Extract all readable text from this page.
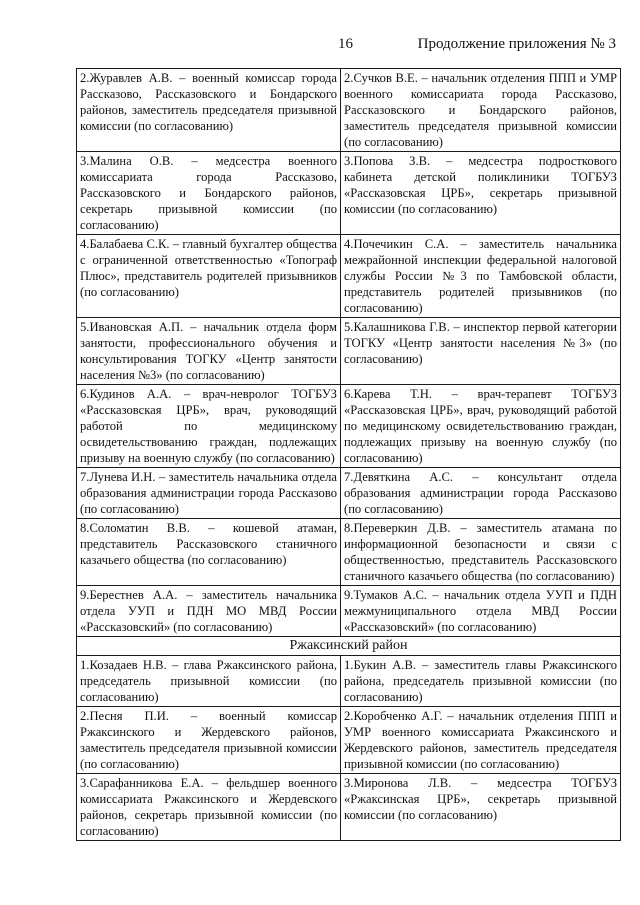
16	Продолжение приложения № 3
2.Журавлев А.В. – военный комиссар города Рассказово, Рассказовского и Бондарского районов, заместитель председателя призывной комиссии (по согласованию)	2.Сучков В.Е. – начальник отделения ППП и УМР военного комиссариата города Рассказово, Рассказовского и Бондарского районов, заместитель председателя призывной комиссии (по согласованию)
3.Малина О.В. – медсестра военного комиссариата города Рассказово, Рассказовского и Бондарского районов, секретарь призывной комиссии (по согласованию)	3.Попова З.В. – медсестра подросткового кабинета детской поликлиники ТОГБУЗ «Рассказовская ЦРБ», секретарь призывной комиссии (по согласованию)
4.Балабаева С.К. – главный бухгалтер общества с ограниченной ответственностью «Топограф Плюс», представитель родителей призывников (по согласованию)	4.Почечикин С.А. – заместитель начальника межрайонной инспекции федеральной налоговой службы России №3 по Тамбовской области, представитель родителей призывников (по согласованию)
5.Ивановская А.П. – начальник отдела форм занятости, профессионального обучения и консультирования ТОГКУ «Центр занятости населения №3» (по согласованию)	5.Калашникова Г.В. – инспектор первой категории ТОГКУ «Центр занятости населения №3» (по согласованию)
6.Кудинов А.А. – врач-невролог ТОГБУЗ «Рассказовская ЦРБ», врач, руководящий работой по медицинскому освидетельствованию граждан, подлежащих призыву на военную службу (по согласованию)	6.Карева Т.Н. – врач-терапевт ТОГБУЗ «Рассказовская ЦРБ», врач, руководящий работой по медицинскому освидетельствованию граждан, подлежащих призыву на военную службу (по согласованию)
7.Лунева И.Н. – заместитель начальника отдела образования администрации города Рассказово (по согласованию)	7.Девяткина А.С. – консультант отдела образования администрации города Рассказово (по согласованию)
8.Соломатин В.В. – кошевой атаман, представитель Рассказовского станичного казачьего общества (по согласованию)	8.Переверкин Д.В. – заместитель атамана по информационной безопасности и связи с общественностью, представитель Рассказовского станичного казачьего общества (по согласованию)
9.Берестнев А.А. – заместитель начальника отдела УУП и ПДН МО МВД России «Рассказовский» (по согласованию)	9.Тумаков А.С. – начальник отдела УУП и ПДН межмуниципального отдела МВД России «Рассказовский» (по согласованию)
Ржаксинский район	
1.Козадаев Н.В. – глава Ржаксинского района, председатель призывной комиссии (по согласованию)	1.Букин А.В. – заместитель главы Ржаксинского района, председатель призывной комиссии (по согласованию)
2.Песня П.И. – военный комиссар Ржаксинского и Жердевского районов, заместитель председателя призывной комиссии (по согласованию)	2.Коробченко А.Г. – начальник отделения ППП и УМР военного комиссариата Ржаксинского и Жердевского районов, заместитель председателя призывной комиссии (по согласованию)
3.Сарафанникова Е.А. – фельдшер военного комиссариата Ржаксинского и Жердевского районов, секретарь призывной комиссии (по согласованию)	3.Миронова Л.В. – медсестра ТОГБУЗ «Ржаксинская ЦРБ», секретарь призывной комиссии (по согласованию)
